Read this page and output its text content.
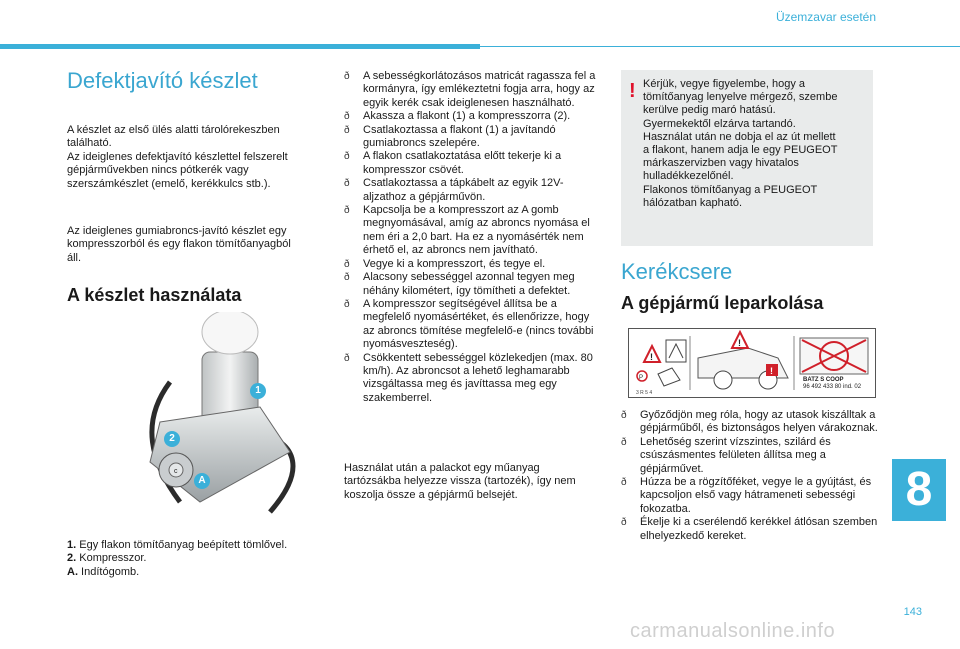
Üzemzavar esetén
Defektjavító készlet

A készlet az első ülés alatti tárolórekeszben

található.

Az ideiglenes defektjavító készlettel felszerelt

gépjárművekben nincs pótkerék vagy

szerszámkészlet (emelő, kerékkulcs stb.).

Az ideiglenes gumiabroncs-javító készlet egy

kompresszorból és egy flakon tömítőanyagból

áll.

A készlet használata
c
1
2
A

1. Egy flakon tömítőanyag beépített tömlővel.

2. Kompresszor.

A. Indítógomb.

ð A sebességkorlátozásos matricát ragassza fel a kormányra, így emlékeztetni fogja arra, hogy az egyik kerék csak ideiglenesen használható.
ð Akassza a flakont (1) a kompresszorra (2).
ð Csatlakoztassa a flakont (1) a javítandó gumiabroncs szelepére.
ð A flakon csatlakoztatása előtt tekerje ki a kompresszor csövét.
ð Csatlakoztassa a tápkábelt az egyik 12V-aljzathoz a gépjárművön.
ð Kapcsolja be a kompresszort az A gomb megnyomásával, amíg az abroncs nyomása el nem éri a 2,0 bart. Ha ez a nyomásérték nem érhető el, az abroncs nem javítható.
ð Vegye ki a kompresszort, és tegye el.
ð Alacsony sebességgel azonnal tegyen meg néhány kilométert, így tömítheti a defektet.
ð A kompresszor segítségével állítsa be a megfelelő nyomásértéket, és ellenőrizze, hogy az abroncs tömítése megfelelő-e (nincs további nyomásveszteség).
ð Csökkentett sebességgel közlekedjen (max. 80 km/h). Az abroncsot a lehető leghamarabb vizsgáltassa meg és javíttassa meg egy szakemberrel.

Használat után a palackot egy műanyag

tartózsákba helyezze vissza (tartozék), így nem

koszolja össze a gépjármű belsejét.

! Kérjük, vegye figyelembe, hogy a

tömítőanyag lenyelve mérgező, szembe

kerülve pedig maró hatású.

Gyermekektől elzárva tartandó.

Használat után ne dobja el az út mellett

a flakont, hanem adja le egy PEUGEOT

márkaszervizben vagy hivatalos

hulladékkezelőnél.

Flakonos tömítőanyag a PEUGEOT

hálózatban kapható.

Kerékcsere
A gépjármű leparkolása
!
P
3 R 5 4
!
!
BATZ S COOP
96 492 433 80 ind. 02
ð Győződjön meg róla, hogy az utasok kiszálltak a gépjárműből, és biztonságos helyen várakoznak.
ð Lehetőség szerint vízszintes, szilárd és csúszásmentes felületen állítsa meg a gépjárművet.
ð Húzza be a rögzítőféket, vegye le a gyújtást, és kapcsoljon első vagy hátrameneti sebességi fokozatba.
ð Ékelje ki a cserélendő kerékkel átlósan szemben elhelyezkedő kereket.
8
143
carmanualsonline.info
